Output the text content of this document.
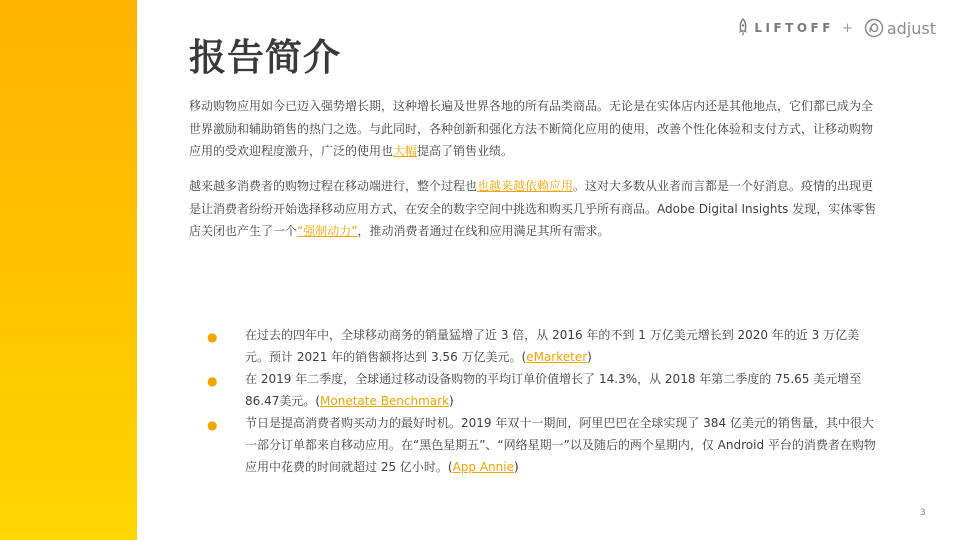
报告简介
LIFTOFF + adjust

移动购物应用如今已迈入强势增长期，这种增长遍及世界各地的所有品类商品。无论是在实体店内还是其他地点，它们都已成为全世界激励和辅助销售的热门之选。与此同时，各种创新和强化方法不断简化应用的使用，改善个性化体验和支付方式，让移动购物应用的受欢迎程度激升，广泛的使用也大幅提高了销售业绩。

越来越多消费者的购物过程在移动端进行，整个过程也也越来越依赖应用。这对大多数从业者而言都是一个好消息。疫情的出现更是让消费者纷纷开始选择移动应用方式，在安全的数字空间中挑选和购买几乎所有商品。Adobe Digital Insights 发现，实体零售店关闭也产生了一个“强制动力”，推动消费者通过在线和应用满足其所有需求。

● 在过去的四年中，全球移动商务的销量猛增了近 3 倍，从 2016 年的不到 1 万亿美元增长到 2020 年的近 3 万亿美元。预计 2021 年的销售额将达到 3.56 万亿美元。(eMarketer)
● 在 2019 年二季度，全球通过移动设备购物的平均订单价值增长了 14.3%，从 2018 年第二季度的 75.65 美元增至 86.47美元。(Monetate Benchmark)
● 节日是提高消费者购买动力的最好时机。2019 年双十一期间，阿里巴巴在全球实现了 384 亿美元的销售量，其中很大一部分订单都来自移动应用。在“黑色星期五”、“网络星期一”以及随后的两个星期内，仅 Android 平台的消费者在购物应用中花费的时间就超过 25 亿小时。(App Annie)
3
